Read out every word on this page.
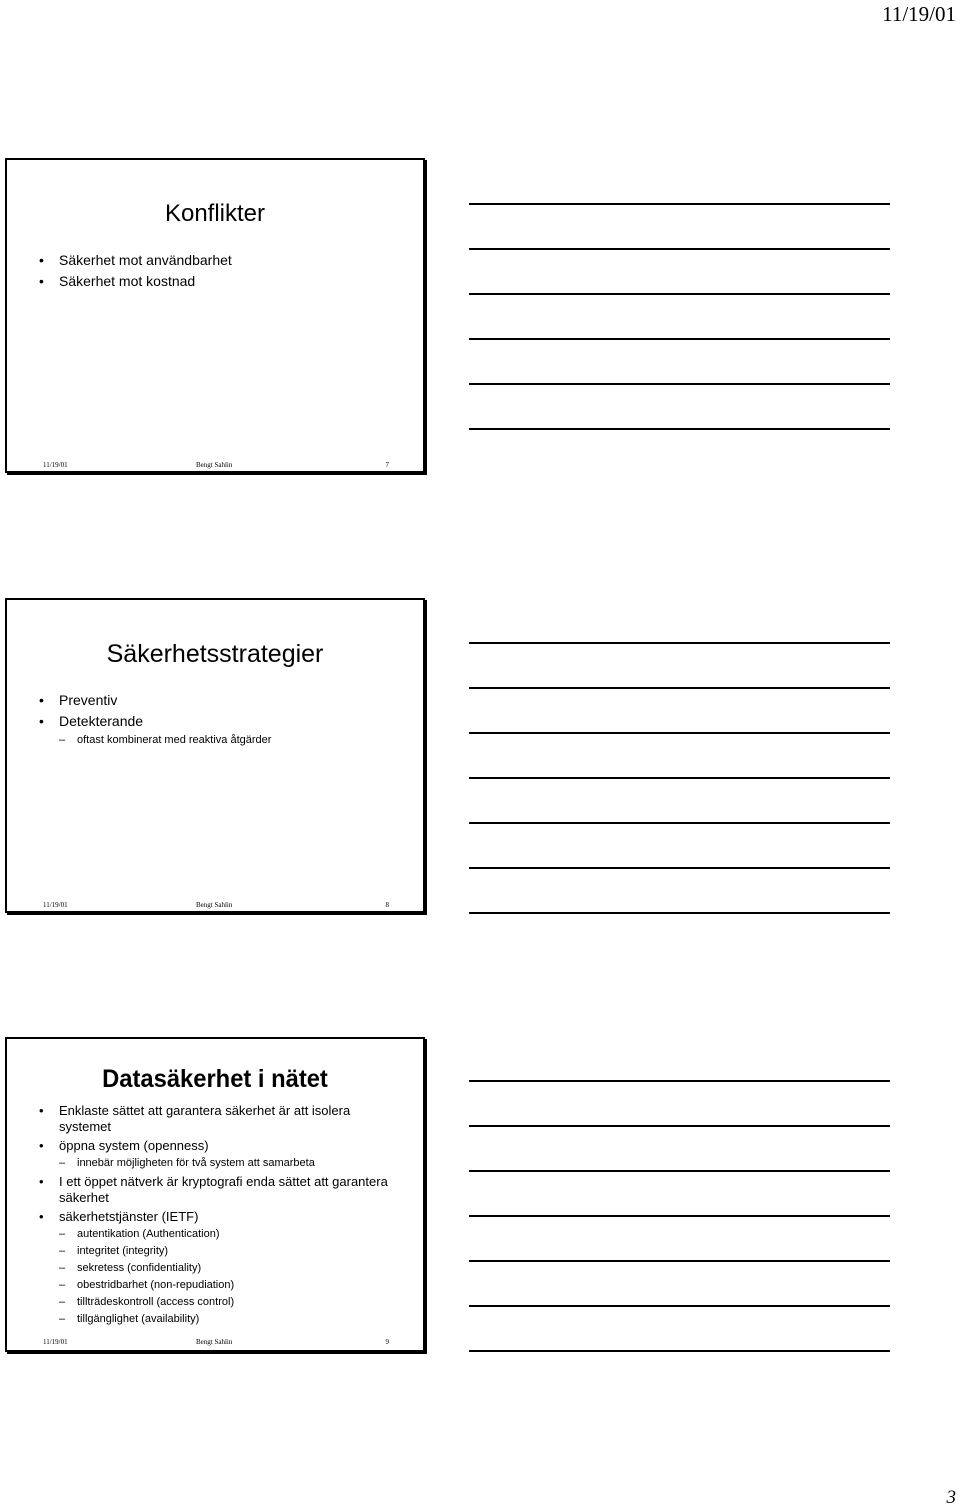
11/19/01
Konflikter
• Säkerhet mot användbarhet
• Säkerhet mot kostnad
11/19/01	Bengt Sahlin	7
Säkerhetsstrategier
• Preventiv
• Detekterande
– oftast kombinerat med reaktiva åtgärder
11/19/01	Bengt Sahlin	8
Datasäkerhet i nätet
• Enklaste sättet att garantera säkerhet är att isolera systemet
• öppna system (openness)
– innebär möjligheten för två system att samarbeta
• I ett öppet nätverk är kryptografi enda sättet att garantera säkerhet
• säkerhetstjänster (IETF)
– autentikation (Authentication)
– integritet (integrity)
– sekretess (confidentiality)
– obestridbarhet (non-repudiation)
– tillträdeskontroll (access control)
– tillgänglighet (availability)
11/19/01	Bengt Sahlin	9
3
